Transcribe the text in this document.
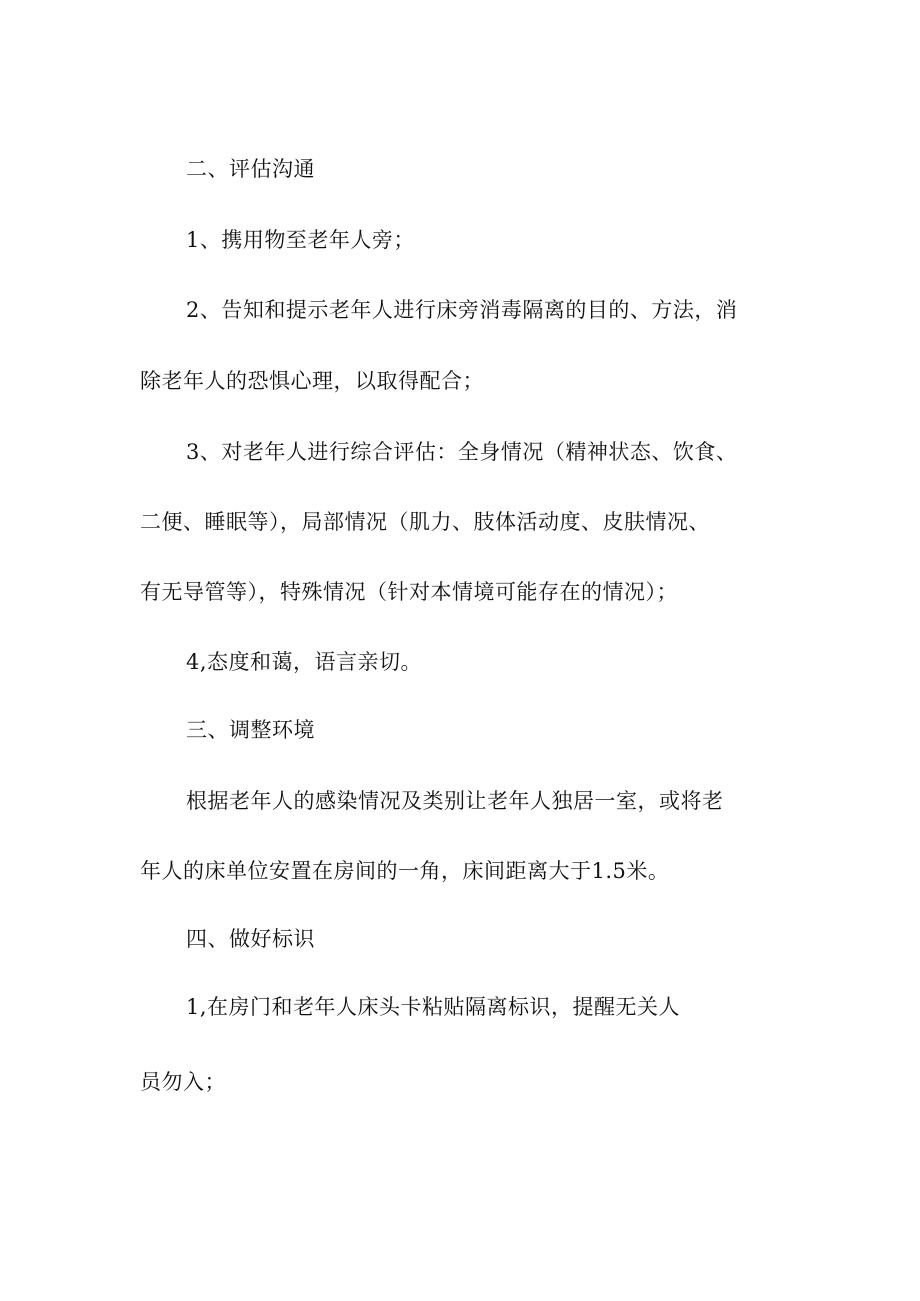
二、评估沟通

1、携用物至老年人旁；

2、告知和提示老年人进行床旁消毒隔离的目的、方法，消

除老年人的恐惧心理，以取得配合；

3、对老年人进行综合评估：全身情况（精神状态、饮食、

二便、睡眠等），局部情况（肌力、肢体活动度、皮肤情况、

有无导管等），特殊情况（针对本情境可能存在的情况）；

4,态度和蔼，语言亲切。

三、调整环境

根据老年人的感染情况及类别让老年人独居一室，或将老

年人的床单位安置在房间的一角，床间距离大于1.5米。

四、做好标识

1,在房门和老年人床头卡粘贴隔离标识，提醒无关人

员勿入；
